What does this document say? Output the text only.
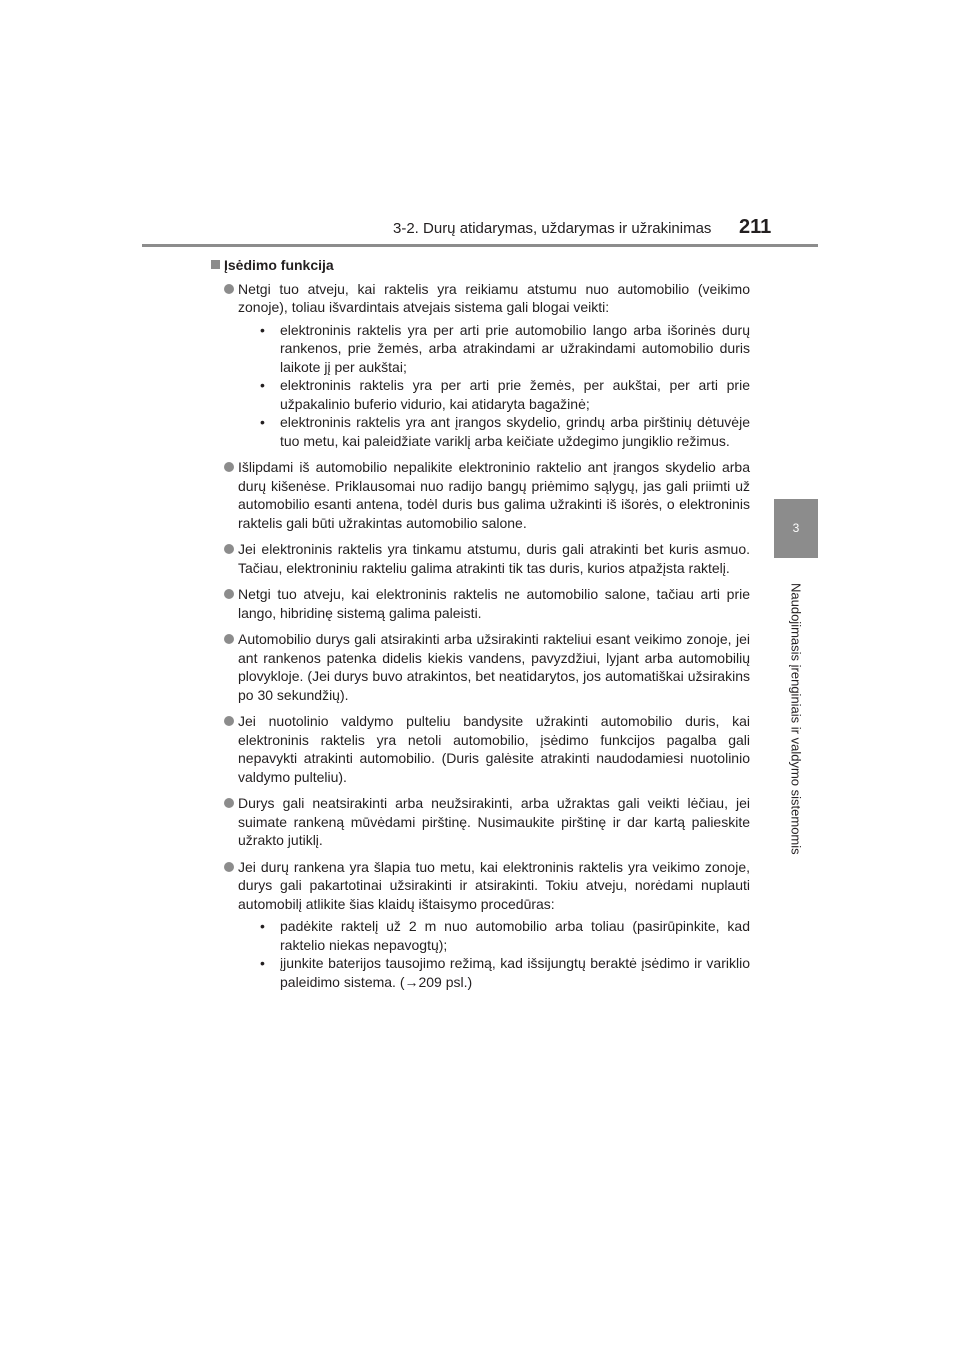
3-2. Durų atidarymas, uždarymas ir užrakinimas 211
3
Naudojimasis įrenginiais ir valdymo sistemomis
Įsėdimo funkcija
Netgi tuo atveju, kai raktelis yra reikiamu atstumu nuo automobilio (veikimo zonoje), toliau išvardintais atvejais sistema gali blogai veikti:
• elektroninis raktelis yra per arti prie automobilio lango arba išorinės durų rankenos, prie žemės, arba atrakindami ar užrakindami automobilio duris laikote jį per aukštai;
• elektroninis raktelis yra per arti prie žemės, per aukštai, per arti prie užpakalinio buferio vidurio, kai atidaryta bagažinė;
• elektroninis raktelis yra ant įrangos skydelio, grindų arba pirštinių dėtuvėje tuo metu, kai paleidžiate variklį arba keičiate uždegimo jungiklio režimus.
Išlipdami iš automobilio nepalikite elektroninio raktelio ant įrangos skydelio arba durų kišenėse. Priklausomai nuo radijo bangų priėmimo sąlygų, jas gali priimti už automobilio esanti antena, todėl duris bus galima užrakinti iš išorės, o elektroninis raktelis gali būti užrakintas automobilio salone.
Jei elektroninis raktelis yra tinkamu atstumu, duris gali atrakinti bet kuris asmuo. Tačiau, elektroniniu rakteliu galima atrakinti tik tas duris, kurios atpažįsta raktelį.
Netgi tuo atveju, kai elektroninis raktelis ne automobilio salone, tačiau arti prie lango, hibridinę sistemą galima paleisti.
Automobilio durys gali atsirakinti arba užsirakinti rakteliui esant veikimo zonoje, jei ant rankenos patenka didelis kiekis vandens, pavyzdžiui, lyjant arba automobilių plovykloje. (Jei durys buvo atrakintos, bet neatidarytos, jos automatiškai užsirakins po 30 sekundžių).
Jei nuotolinio valdymo pulteliu bandysite užrakinti automobilio duris, kai elektroninis raktelis yra netoli automobilio, įsėdimo funkcijos pagalba gali nepavykti atrakinti automobilio. (Duris galėsite atrakinti naudodamiesi nuotolinio valdymo pulteliu).
Durys gali neatsirakinti arba neužsirakinti, arba užraktas gali veikti lėčiau, jei suimate rankeną mūvėdami pirštinę. Nusimaukite pirštinę ir dar kartą palieskite užrakto jutiklį.
Jei durų rankena yra šlapia tuo metu, kai elektroninis raktelis yra veikimo zonoje, durys gali pakartotinai užsirakinti ir atsirakinti. Tokiu atveju, norėdami nuplauti automobilį atlikite šias klaidų ištaisymo procedūras:
• padėkite raktelį už 2 m nuo automobilio arba toliau (pasirūpinkite, kad raktelio niekas nepavogtų);
• įjunkite baterijos tausojimo režimą, kad išsijungtų beraktė įsėdimo ir variklio paleidimo sistema. (→209 psl.)
